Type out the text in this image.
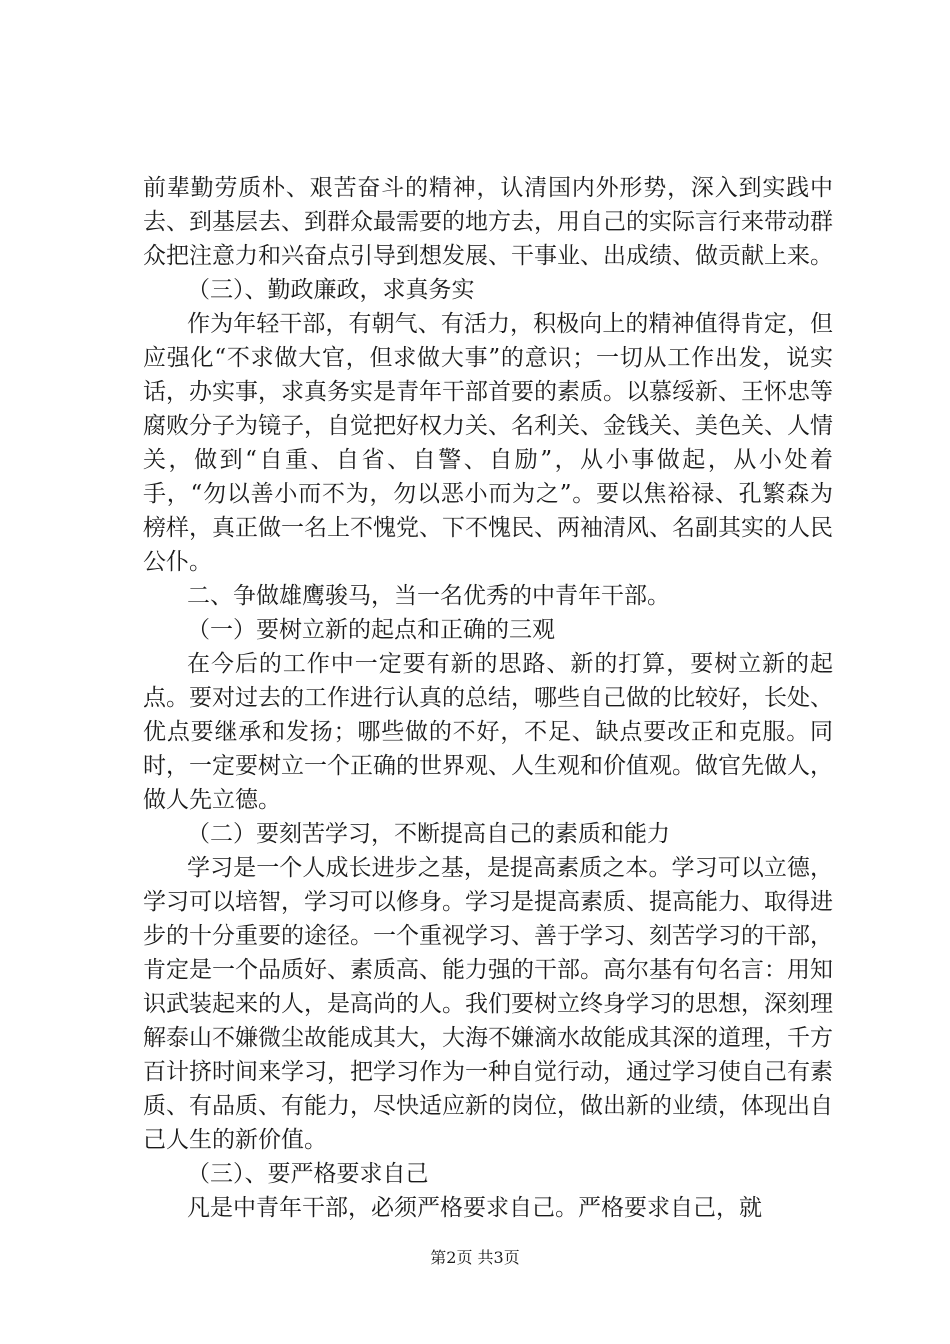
前辈勤劳质朴、艰苦奋斗的精神，认清国内外形势，深入到实践中去、到基层去、到群众最需要的地方去，用自己的实际言行来带动群众把注意力和兴奋点引导到想发展、干事业、出成绩、做贡献上来。

（三）、勤政廉政，求真务实

作为年轻干部，有朝气、有活力，积极向上的精神值得肯定，但应强化“不求做大官，但求做大事”的意识；一切从工作出发，说实话，办实事，求真务实是青年干部首要的素质。以慕绥新、王怀忠等腐败分子为镜子，自觉把好权力关、名利关、金钱关、美色关、人情关，做到“自重、自省、自警、自励”，从小事做起，从小处着手，“勿以善小而不为，勿以恶小而为之”。要以焦裕禄、孔繁森为榜样，真正做一名上不愧党、下不愧民、两袖清风、名副其实的人民公仆。

二、争做雄鹰骏马，当一名优秀的中青年干部。

（一）要树立新的起点和正确的三观

在今后的工作中一定要有新的思路、新的打算，要树立新的起点。要对过去的工作进行认真的总结，哪些自己做的比较好，长处、优点要继承和发扬；哪些做的不好，不足、缺点要改正和克服。同时，一定要树立一个正确的世界观、人生观和价值观。做官先做人，做人先立德。

（二）要刻苦学习，不断提高自己的素质和能力

学习是一个人成长进步之基，是提高素质之本。学习可以立德，学习可以培智，学习可以修身。学习是提高素质、提高能力、取得进步的十分重要的途径。一个重视学习、善于学习、刻苦学习的干部，肯定是一个品质好、素质高、能力强的干部。高尔基有句名言：用知识武装起来的人，是高尚的人。我们要树立终身学习的思想，深刻理解泰山不嫌微尘故能成其大，大海不嫌滴水故能成其深的道理，千方百计挤时间来学习，把学习作为一种自觉行动，通过学习使自己有素质、有品质、有能力，尽快适应新的岗位，做出新的业绩，体现出自己人生的新价值。

（三）、要严格要求自己

凡是中青年干部，必须严格要求自己。严格要求自己，就

第2页 共3页
